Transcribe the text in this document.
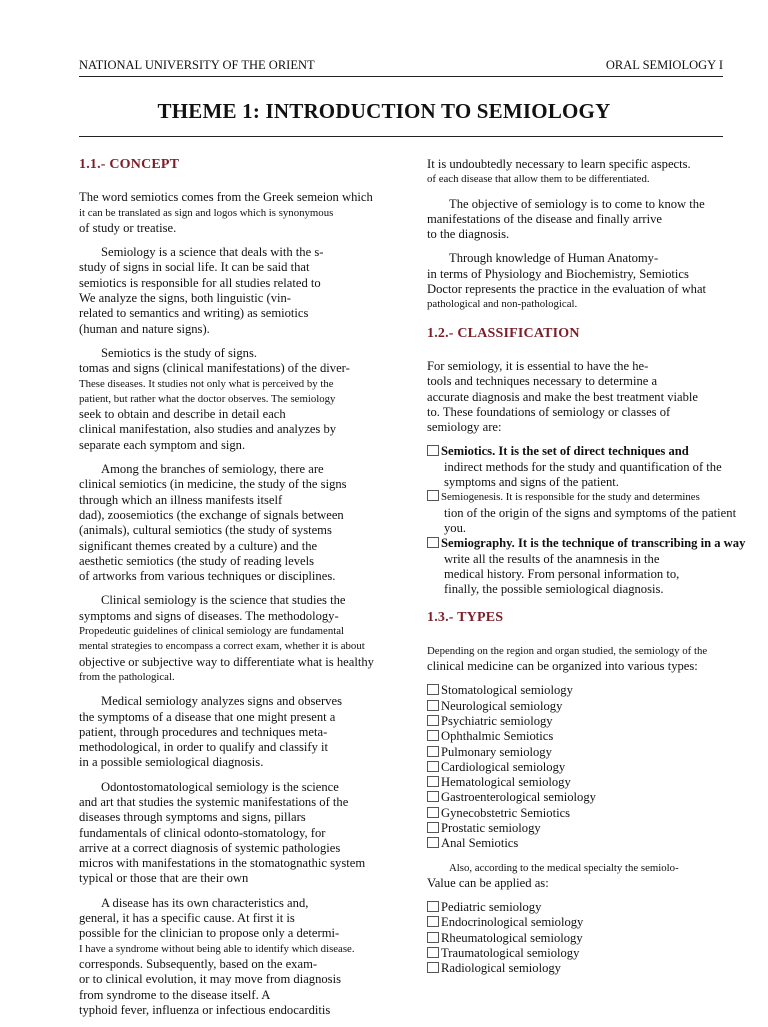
NATIONAL UNIVERSITY OF THE ORIENT	ORAL SEMIOLOGY I
THEME 1: INTRODUCTION TO SEMIOLOGY
1.1.- CONCEPT
The word semiotics comes from the Greek semeion which
it can be translated as sign and logos which is synonymous
of study or treatise.
Semiology is a science that deals with the s-
study of signs in social life. It can be said that
semiotics is responsible for all studies related to
We analyze the signs, both linguistic (vin-
related to semantics and writing) as semiotics
(human and nature signs).
Semiotics is the study of signs.
tomas and signs (clinical manifestations) of the diver-
These diseases. It studies not only what is perceived by the
patient, but rather what the doctor observes. The semiology
seek to obtain and describe in detail each
clinical manifestation, also studies and analyzes by
separate each symptom and sign.
Among the branches of semiology, there are
clinical semiotics (in medicine, the study of the signs
through which an illness manifests itself
dad), zoosemiotics (the exchange of signals between
(animals), cultural semiotics (the study of systems
significant themes created by a culture) and the
aesthetic semiotics (the study of reading levels
of artworks from various techniques or disciplines.
Clinical semiology is the science that studies the
symptoms and signs of diseases. The methodology-
Propedeutic guidelines of clinical semiology are fundamental
mental strategies to encompass a correct exam, whether it is about
objective or subjective way to differentiate what is healthy
from the pathological.
Medical semiology analyzes signs and observes
the symptoms of a disease that one might present a
patient, through procedures and techniques meta-
methodological, in order to qualify and classify it
in a possible semiological diagnosis.
Odontostomatological semiology is the science
and art that studies the systemic manifestations of the
diseases through symptoms and signs, pillars
fundamentals of clinical odonto-stomatology, for
arrive at a correct diagnosis of systemic pathologies
micros with manifestations in the stomatognathic system
typical or those that are their own
A disease has its own characteristics and,
general, it has a specific cause. At first it is
possible for the clinician to propose only a determi-
I have a syndrome without being able to identify which disease.
corresponds. Subsequently, based on the exam-
or to clinical evolution, it may move from diagnosis
from syndrome to the disease itself. A
typhoid fever, influenza or infectious endocarditis
It is undoubtedly necessary to learn specific aspects.
of each disease that allow them to be differentiated.
The objective of semiology is to come to know the
manifestations of the disease and finally arrive
to the diagnosis.
Through knowledge of Human Anatomy-
in terms of Physiology and Biochemistry, Semiotics
Doctor represents the practice in the evaluation of what
pathological and non-pathological.
1.2.- CLASSIFICATION
For semiology, it is essential to have the he-
tools and techniques necessary to determine a
accurate diagnosis and make the best treatment viable
to. These foundations of semiology or classes of
semiology are:
Semiotics. It is the set of direct techniques and
indirect methods for the study and quantification of the
symptoms and signs of the patient.
Semiogenesis. It is responsible for the study and determines
tion of the origin of the signs and symptoms of the patient
you.
Semiography. It is the technique of transcribing in a way
write all the results of the anamnesis in the
medical history. From personal information to,
finally, the possible semiological diagnosis.
1.3.- TYPES
Depending on the region and organ studied, the semiology of the
clinical medicine can be organized into various types:
Stomatological semiology
Neurological semiology
Psychiatric semiology
Ophthalmic Semiotics
Pulmonary semiology
Cardiological semiology
Hematological semiology
Gastroenterological semiology
Gynecobstetric Semiotics
Prostatic semiology
Anal Semiotics
Also, according to the medical specialty the semiolo-
Value can be applied as:
Pediatric semiology
Endocrinological semiology
Rheumatological semiology
Traumatological semiology
Radiological semiology
